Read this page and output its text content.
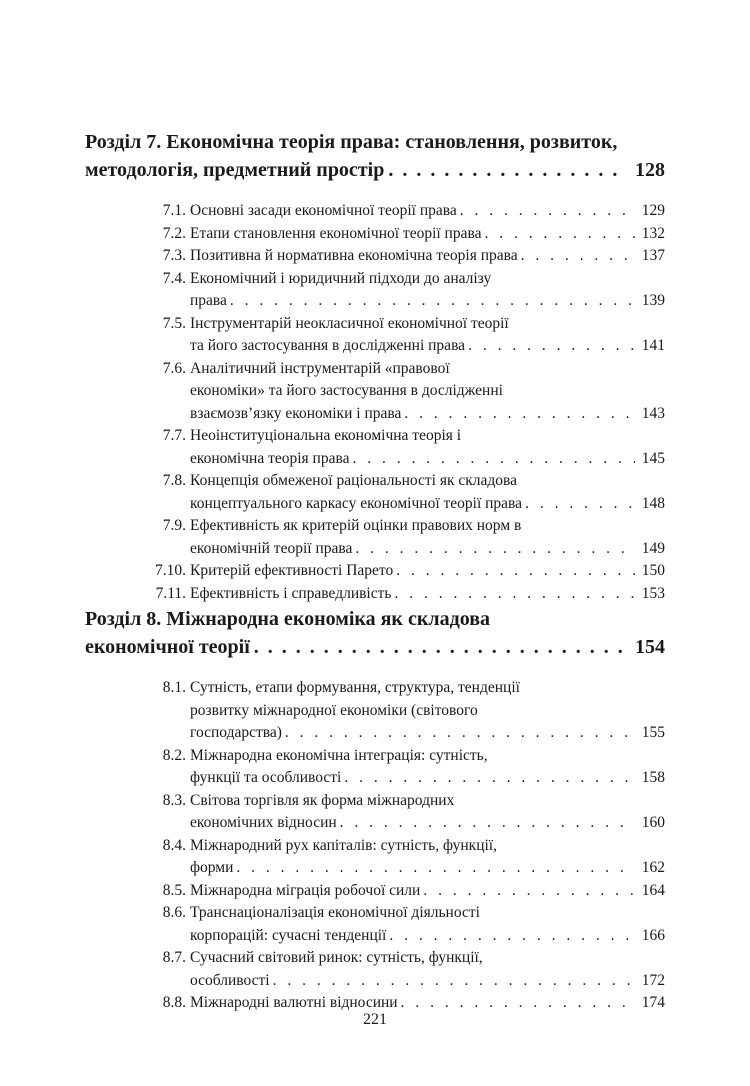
Розділ 7. Економічна теорія права: становлення, розвиток,
методологія, предметний простір . . .	128
7.1. Основні засади економічної теорії права . . .	129
7.2. Етапи становлення економічної теорії права . . .	132
7.3. Позитивна й нормативна економічна теорія права . . .	137
7.4. Економічний і юридичний підходи до аналізу
права . . .	139
7.5. Інструментарій неокласичної економічної теорії
та його застосування в дослідженні права . . .	141
7.6. Аналітичний інструментарій «правової
економіки» та його застосування в дослідженні
взаємозв’язку економіки і права . . .	143
7.7. Неоінституціональна економічна теорія і
економічна теорія права . . .	145
7.8. Концепція обмеженої раціональності як складова
концептуального каркасу економічної теорії права . . .	148
7.9. Ефективність як критерій оцінки правових норм в
економічній теорії права . . .	149
7.10. Критерій ефективності Парето . . .	150
7.11. Ефективність і справедливість . . .	153
Розділ 8. Міжнародна економіка як складова
економічної теорії . . .	154
8.1. Сутність, етапи формування, структура, тенденції
розвитку міжнародної економіки (світового
господарства) . . .	155
8.2. Міжнародна економічна інтеграція: сутність,
функції та особливості . . .	158
8.3. Світова торгівля як форма міжнародних
економічних відносин . . .	160
8.4. Міжнародний рух капіталів: сутність, функції,
форми . . .	162
8.5. Міжнародна міграція робочої сили . . .	164
8.6. Транснаціоналізація економічної діяльності
корпорацій: сучасні тенденції . . .	166
8.7. Сучасний світовий ринок: сутність, функції,
особливості . . .	172
8.8. Міжнародні валютні відносини . . .	174
221
